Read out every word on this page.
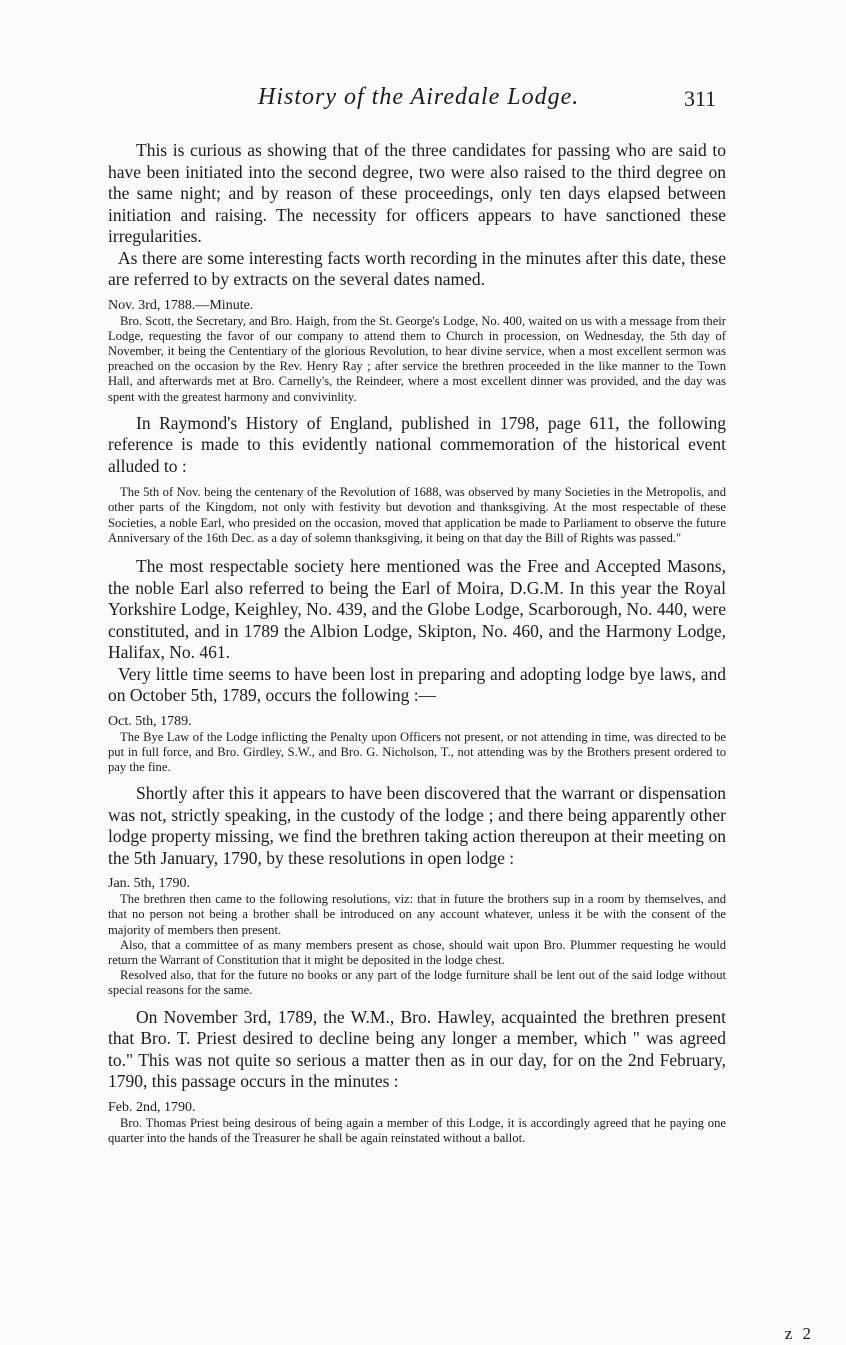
History of the Airedale Lodge.	311

This is curious as showing that of the three candidates for passing who are said to have been initiated into the second degree, two were also raised to the third degree on the same night; and by reason of these proceedings, only ten days elapsed between initiation and raising. The necessity for officers appears to have sanctioned these irregularities.

As there are some interesting facts worth recording in the minutes after this date, these are referred to by extracts on the several dates named.

Nov. 3rd, 1788.—Minute.

Bro. Scott, the Secretary, and Bro. Haigh, from the St. George's Lodge, No. 400, waited on us with a message from their Lodge, requesting the favor of our company to attend them to Church in procession, on Wednesday, the 5th day of November, it being the Cententiary of the glorious Revolution, to hear divine service, when a most excellent sermon was preached on the occasion by the Rev. Henry Ray ; after service the brethren proceeded in the like manner to the Town Hall, and afterwards met at Bro. Carnelly's, the Reindeer, where a most excellent dinner was provided, and the day was spent with the greatest harmony and convivinlity.

In Raymond's History of England, published in 1798, page 611, the following reference is made to this evidently national commemoration of the historical event alluded to :

The 5th of Nov. being the centenary of the Revolution of 1688, was observed by many Societies in the Metropolis, and other parts of the Kingdom, not only with festivity but devotion and thanksgiving. At the most respectable of these Societies, a noble Earl, who presided on the occasion, moved that application be made to Parliament to observe the future Anniversary of the 16th Dec. as a day of solemn thanksgiving, it being on that day the Bill of Rights was passed."

The most respectable society here mentioned was the Free and Accepted Masons, the noble Earl also referred to being the Earl of Moira, D.G.M. In this year the Royal Yorkshire Lodge, Keighley, No. 439, and the Globe Lodge, Scarborough, No. 440, were constituted, and in 1789 the Albion Lodge, Skipton, No. 460, and the Harmony Lodge, Halifax, No. 461.

Very little time seems to have been lost in preparing and adopting lodge bye laws, and on October 5th, 1789, occurs the following :—

Oct. 5th, 1789.

The Bye Law of the Lodge inflicting the Penalty upon Officers not present, or not attending in time, was directed to be put in full force, and Bro. Girdley, S.W., and Bro. G. Nicholson, T., not attending was by the Brothers present ordered to pay the fine.

Shortly after this it appears to have been discovered that the warrant or dispensation was not, strictly speaking, in the custody of the lodge ; and there being apparently other lodge property missing, we find the brethren taking action thereupon at their meeting on the 5th January, 1790, by these resolutions in open lodge :

Jan. 5th, 1790.

The brethren then came to the following resolutions, viz: that in future the brothers sup in a room by themselves, and that no person not being a brother shall be introduced on any account whatever, unless it be with the consent of the majority of members then present.

Also, that a committee of as many members present as chose, should wait upon Bro. Plummer requesting he would return the Warrant of Constitution that it might be deposited in the lodge chest.

Resolved also, that for the future no books or any part of the lodge furniture shall be lent out of the said lodge without special reasons for the same.

On November 3rd, 1789, the W.M., Bro. Hawley, acquainted the brethren present that Bro. T. Priest desired to decline being any longer a member, which " was agreed to." This was not quite so serious a matter then as in our day, for on the 2nd February, 1790, this passage occurs in the minutes :

Feb. 2nd, 1790.

Bro. Thomas Priest being desirous of being again a member of this Lodge, it is accordingly agreed that he paying one quarter into the hands of the Treasurer he shall be again reinstated without a ballot.

z 2
